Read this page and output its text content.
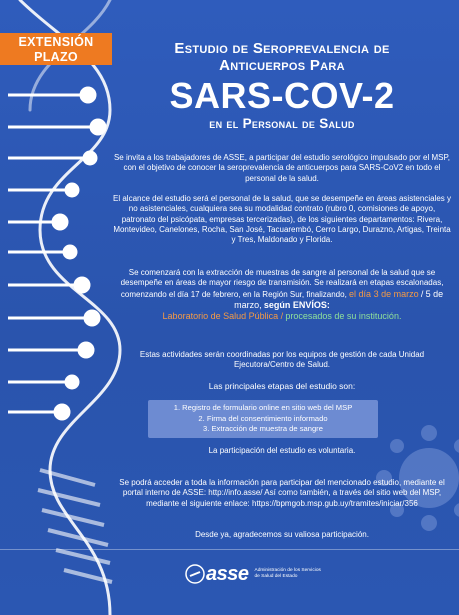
EXTENSIÓN
PLAZO	Estudio de Seroprevalencia de
Anticuerpos Para
SARS-COV-2
en el Personal de Salud

Se invita a los trabajadores de ASSE, a participar del estudio serológico impulsado por el MSP, con el objetivo de conocer la seroprevalencia de anticuerpos para SARS-CoV2 en todo el personal de la salud.

El alcance del estudio será el personal de la salud, que se desempeñe en áreas asistenciales y no asistenciales, cualquiera sea su modalidad contrato (rubro 0, comisiones de apoyo, patronato del psicópata, empresas tercerizadas), de los siguientes departamentos: Rivera, Montevideo, Canelones, Rocha, San José, Tacuarembó, Cerro Largo, Durazno, Artigas, Treinta y Tres, Maldonado y Florida.

Se comenzará con la extracción de muestras de sangre al personal de la salud que se desempeñe en áreas de mayor riesgo de transmisión. Se realizará en etapas escalonadas, comenzando el día 17 de febrero, en la Región Sur, finalizando, el día 3 de marzo / 5 de marzo, según ENVÍOS:
Laboratorio de Salud Pública / procesados de su institución.

Estas actividades serán coordinadas por los equipos de gestión de cada Unidad Ejecutora/Centro de Salud.

Las principales etapas del estudio son:

1. Registro de formulario online en sitio web del MSP
2. Firma del consentimiento informado
3. Extracción de muestra de sangre

La participación del estudio es voluntaria.

Se podrá acceder a toda la información para participar del mencionado estudio, mediante el portal interno de ASSE: http://info.asse/ Así como también, a través del sitio web del MSP, mediante el siguiente enlace: https://bpmgob.msp.gub.uy/tramites/iniciar/356

Desde ya, agradecemos su valiosa participación.

asse Administración de los Servicios de Salud del Estado
